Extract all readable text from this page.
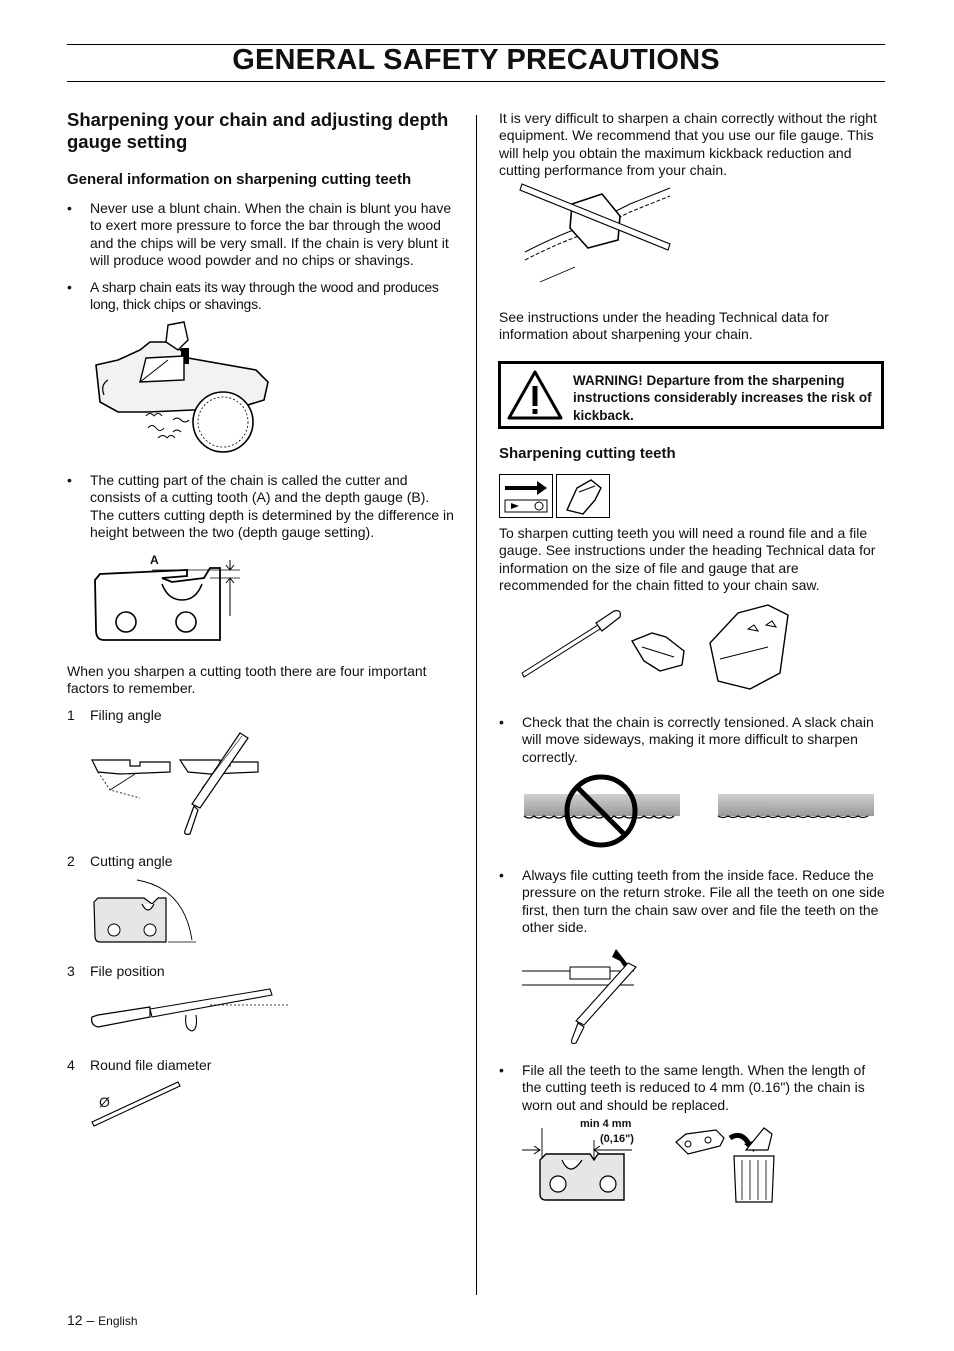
GENERAL SAFETY PRECAUTIONS
Sharpening your chain and adjusting depth gauge setting
General information on sharpening cutting teeth
• Never use a blunt chain. When the chain is blunt you have to exert more pressure to force the bar through the wood and the chips will be very small. If the chain is very blunt it will produce wood powder and no chips or shavings.
• A sharp chain eats its way through the wood and produces long, thick chips or shavings.
• The cutting part of the chain is called the cutter and consists of a cutting tooth (A) and the depth gauge (B). The cutters cutting depth is determined by the difference in height between the two (depth gauge setting).
A
When you sharpen a cutting tooth there are four important factors to remember.
1 Filing angle
2 Cutting angle
3 File position
4 Round file diameter
Ø
It is very difficult to sharpen a chain correctly without the right equipment. We recommend that you use our file gauge. This will help you obtain the maximum kickback reduction and cutting performance from your chain.
See instructions under the heading Technical data for information about sharpening your chain.
WARNING! Departure from the sharpening instructions considerably increases the risk of kickback.
Sharpening cutting teeth
To sharpen cutting teeth you will need a round file and a file gauge. See instructions under the heading Technical data for information on the size of file and gauge that are recommended for the chain fitted to your chain saw.
• Check that the chain is correctly tensioned. A slack chain will move sideways, making it more difficult to sharpen correctly.
• Always file cutting teeth from the inside face. Reduce the pressure on the return stroke. File all the teeth on one side first, then turn the chain saw over and file the teeth on the other side.
• File all the teeth to the same length. When the length of the cutting teeth is reduced to 4 mm (0.16") the chain is worn out and should be replaced.
min 4 mm
(0,16")
12 – English
